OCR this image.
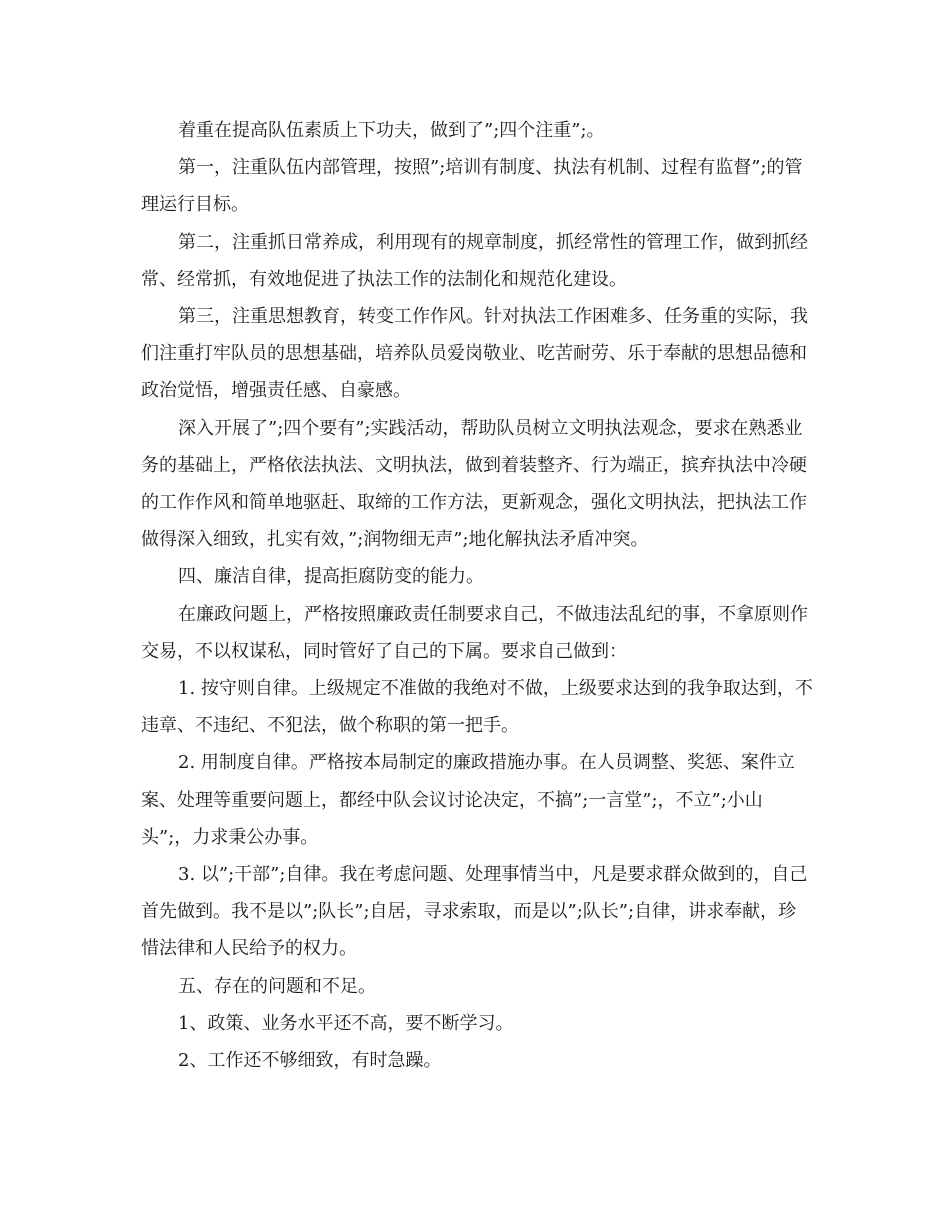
着重在提高队伍素质上下功夫，做到了”;四个注重”;。

第一，注重队伍内部管理，按照”;培训有制度、执法有机制、过程有监督”;的管理运行目标。

第二，注重抓日常养成，利用现有的规章制度，抓经常性的管理工作，做到抓经常、经常抓，有效地促进了执法工作的法制化和规范化建设。

第三，注重思想教育，转变工作作风。针对执法工作困难多、任务重的实际，我们注重打牢队员的思想基础，培养队员爱岗敬业、吃苦耐劳、乐于奉献的思想品德和政治觉悟，增强责任感、自豪感。

深入开展了”;四个要有”;实践活动，帮助队员树立文明执法观念，要求在熟悉业务的基础上，严格依法执法、文明执法，做到着装整齐、行为端正，摈弃执法中冷硬的工作作风和简单地驱赶、取缔的工作方法，更新观念，强化文明执法，把执法工作做得深入细致，扎实有效，”;润物细无声”;地化解执法矛盾冲突。

四、廉洁自律，提高拒腐防变的能力。

在廉政问题上，严格按照廉政责任制要求自己，不做违法乱纪的事，不拿原则作交易，不以权谋私，同时管好了自己的下属。要求自己做到：

1. 按守则自律。上级规定不准做的我绝对不做，上级要求达到的我争取达到，不违章、不违纪、不犯法，做个称职的第一把手。

2. 用制度自律。严格按本局制定的廉政措施办事。在人员调整、奖惩、案件立案、处理等重要问题上，都经中队会议讨论决定，不搞”;一言堂”;，不立”;小山头”;，力求秉公办事。

3. 以”;干部”;自律。我在考虑问题、处理事情当中，凡是要求群众做到的，自己首先做到。我不是以”;队长”;自居，寻求索取，而是以”;队长”;自律，讲求奉献，珍惜法律和人民给予的权力。

五、存在的问题和不足。

1、政策、业务水平还不高，要不断学习。

2、工作还不够细致，有时急躁。
